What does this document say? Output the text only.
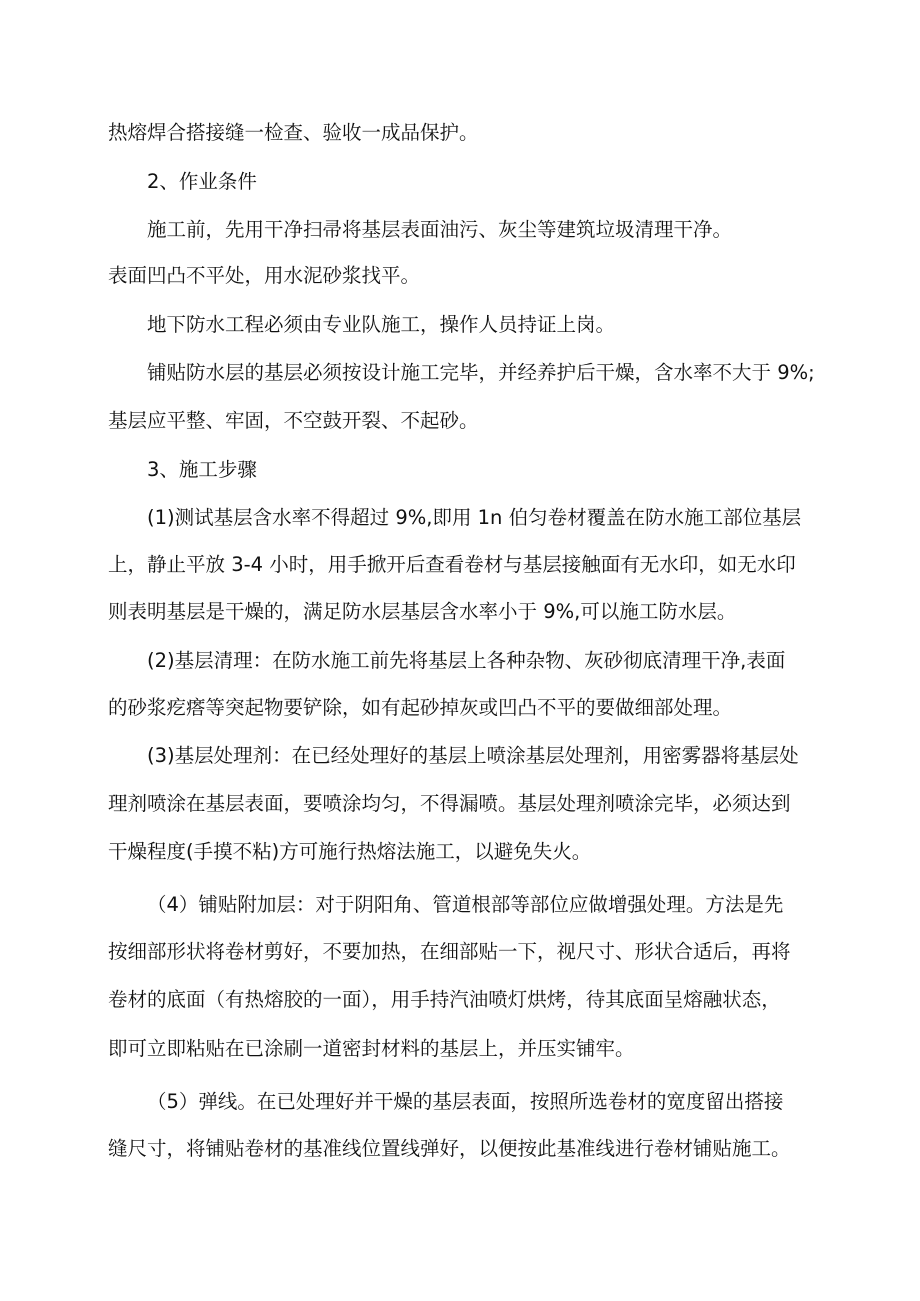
热熔焊合搭接缝一检查、验收一成品保护。

2、作业条件

施工前，先用干净扫帚将基层表面油污、灰尘等建筑垃圾清理干净。

表面凹凸不平处，用水泥砂浆找平。

地下防水工程必须由专业队施工，操作人员持证上岗。

铺贴防水层的基层必须按设计施工完毕，并经养护后干燥，含水率不大于 9%;

基层应平整、牢固，不空鼓开裂、不起砂。

3、施工步骤

(1)测试基层含水率不得超过 9%,即用 1n 伯匀卷材覆盖在防水施工部位基层

上，静止平放 3-4 小时，用手掀开后查看卷材与基层接触面有无水印，如无水印

则表明基层是干燥的，满足防水层基层含水率小于 9%,可以施工防水层。

(2)基层清理：在防水施工前先将基层上各种杂物、灰砂彻底清理干净,表面

的砂浆疙瘩等突起物要铲除，如有起砂掉灰或凹凸不平的要做细部处理。

(3)基层处理剂：在已经处理好的基层上喷涂基层处理剂，用密雾器将基层处

理剂喷涂在基层表面，要喷涂均匀，不得漏喷。基层处理剂喷涂完毕，必须达到

干燥程度(手摸不粘)方可施行热熔法施工，以避免失火。

（4）铺贴附加层：对于阴阳角、管道根部等部位应做增强处理。方法是先

按细部形状将卷材剪好，不要加热，在细部贴一下，视尺寸、形状合适后，再将

卷材的底面（有热熔胶的一面），用手持汽油喷灯烘烤，待其底面呈熔融状态，

即可立即粘贴在已涂刷一道密封材料的基层上，并压实铺牢。

（5）弹线。在已处理好并干燥的基层表面，按照所选卷材的宽度留出搭接

缝尺寸，将铺贴卷材的基准线位置线弹好，以便按此基准线进行卷材铺贴施工。
